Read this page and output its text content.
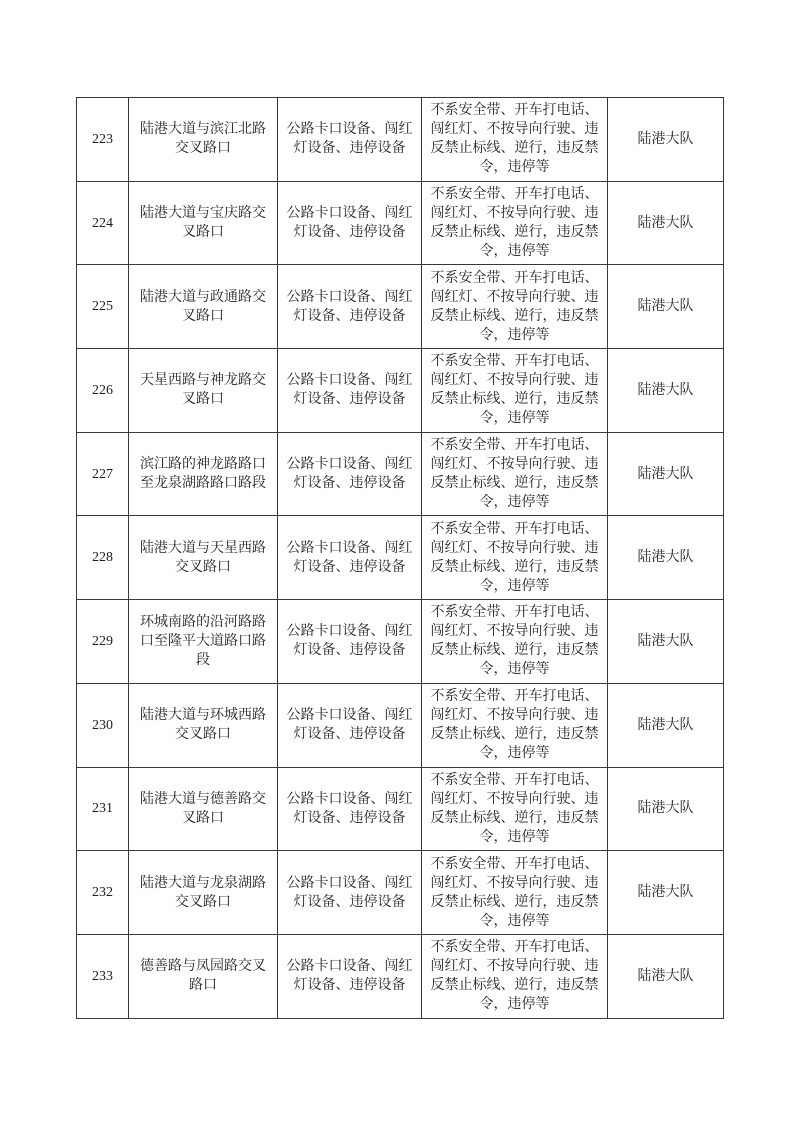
223	陆港大道与滨江北路交叉路口	公路卡口设备、闯红灯设备、违停设备	不系安全带、开车打电话、闯红灯、不按导向行驶、违反禁止标线、逆行，违反禁令，违停等	陆港大队
224	陆港大道与宝庆路交叉路口	公路卡口设备、闯红灯设备、违停设备	不系安全带、开车打电话、闯红灯、不按导向行驶、违反禁止标线、逆行，违反禁令，违停等	陆港大队
225	陆港大道与政通路交叉路口	公路卡口设备、闯红灯设备、违停设备	不系安全带、开车打电话、闯红灯、不按导向行驶、违反禁止标线、逆行，违反禁令，违停等	陆港大队
226	天星西路与神龙路交叉路口	公路卡口设备、闯红灯设备、违停设备	不系安全带、开车打电话、闯红灯、不按导向行驶、违反禁止标线、逆行，违反禁令，违停等	陆港大队
227	滨江路的神龙路路口至龙泉湖路路口路段	公路卡口设备、闯红灯设备、违停设备	不系安全带、开车打电话、闯红灯、不按导向行驶、违反禁止标线、逆行，违反禁令，违停等	陆港大队
228	陆港大道与天星西路交叉路口	公路卡口设备、闯红灯设备、违停设备	不系安全带、开车打电话、闯红灯、不按导向行驶、违反禁止标线、逆行，违反禁令，违停等	陆港大队
229	环城南路的沿河路路口至隆平大道路口路段	公路卡口设备、闯红灯设备、违停设备	不系安全带、开车打电话、闯红灯、不按导向行驶、违反禁止标线、逆行，违反禁令，违停等	陆港大队
230	陆港大道与环城西路交叉路口	公路卡口设备、闯红灯设备、违停设备	不系安全带、开车打电话、闯红灯、不按导向行驶、违反禁止标线、逆行，违反禁令，违停等	陆港大队
231	陆港大道与德善路交叉路口	公路卡口设备、闯红灯设备、违停设备	不系安全带、开车打电话、闯红灯、不按导向行驶、违反禁止标线、逆行，违反禁令，违停等	陆港大队
232	陆港大道与龙泉湖路交叉路口	公路卡口设备、闯红灯设备、违停设备	不系安全带、开车打电话、闯红灯、不按导向行驶、违反禁止标线、逆行，违反禁令，违停等	陆港大队
233	德善路与凤园路交叉路口	公路卡口设备、闯红灯设备、违停设备	不系安全带、开车打电话、闯红灯、不按导向行驶、违反禁止标线、逆行，违反禁令，违停等	陆港大队
